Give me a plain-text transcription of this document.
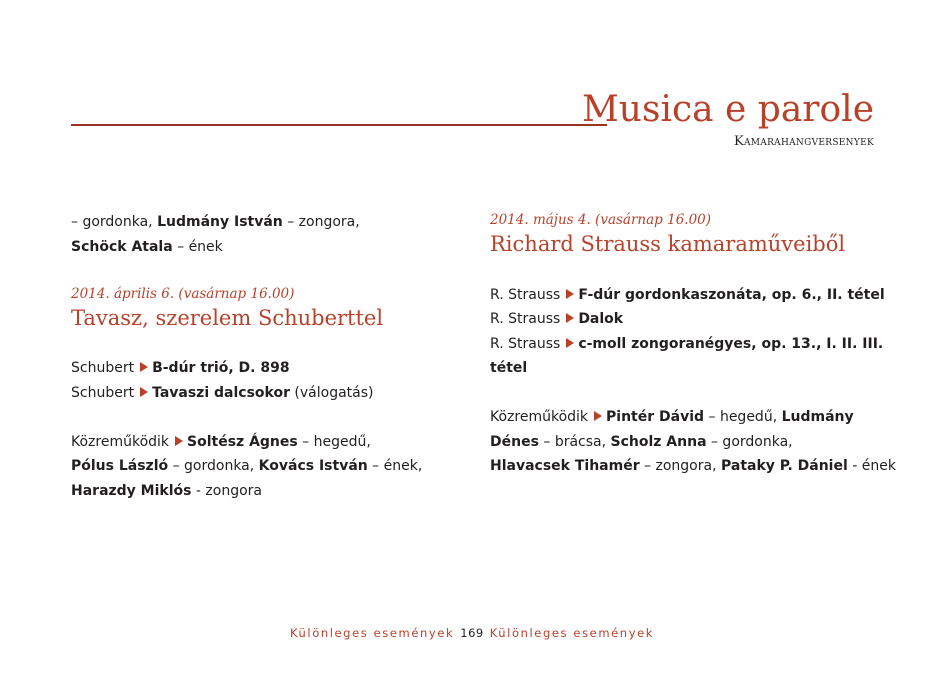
Musica e parole
Kamarahangversenyek
– gordonka, Ludmány István – zongora,
Schöck Atala – ének
2014. április 6. (vasárnap 16.00)
Tavasz, szerelem Schuberttel
Schubert B-dúr trió, D. 898
Schubert Tavaszi dalcsokor (válogatás)
Közreműködik Soltész Ágnes – hegedű,
Pólus László – gordonka, Kovács István – ének,
Harazdy Miklós - zongora
2014. május 4. (vasárnap 16.00)
Richard Strauss kamaraműveiből
R. Strauss F-dúr gordonkaszonáta, op. 6., II. tétel
R. Strauss Dalok
R. Strauss c-moll zongoranégyes, op. 13., I. II. III.
tétel
Közreműködik Pintér Dávid – hegedű, Ludmány
Dénes – brácsa, Scholz Anna – gordonka,
Hlavacsek Tihamér – zongora, Pataky P. Dániel - ének
Különleges események 169 Különleges események
